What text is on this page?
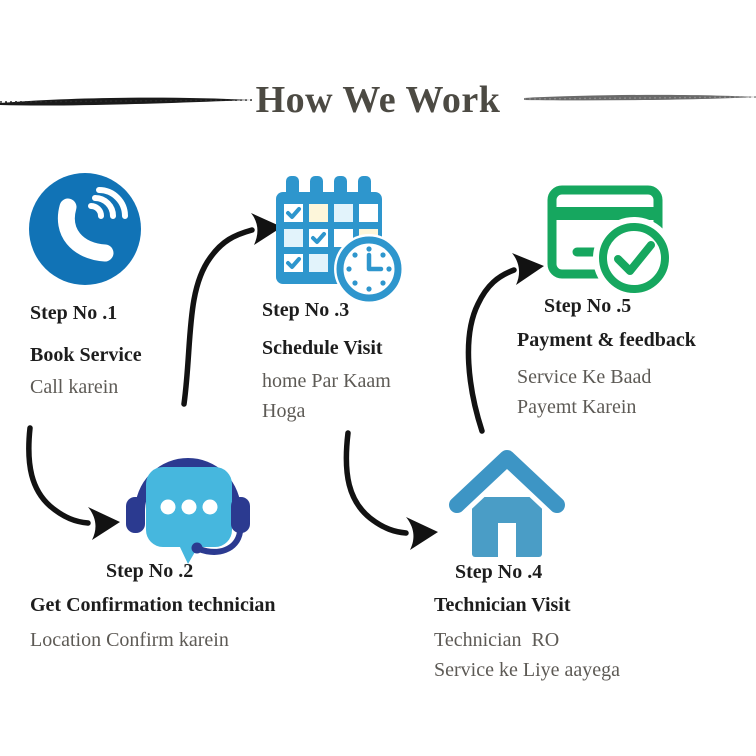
How We Work
Step No .1
Book Service
Call karein
Step No .3
Schedule Visit
home Par Kaam Hoga
Step No .5
Payment & feedback
Service Ke Baad Payemt Karein
Step No .2
Get Confirmation technician
Location Confirm karein
Step No .4
Technician Visit
Technician  RO Service ke Liye aayega
